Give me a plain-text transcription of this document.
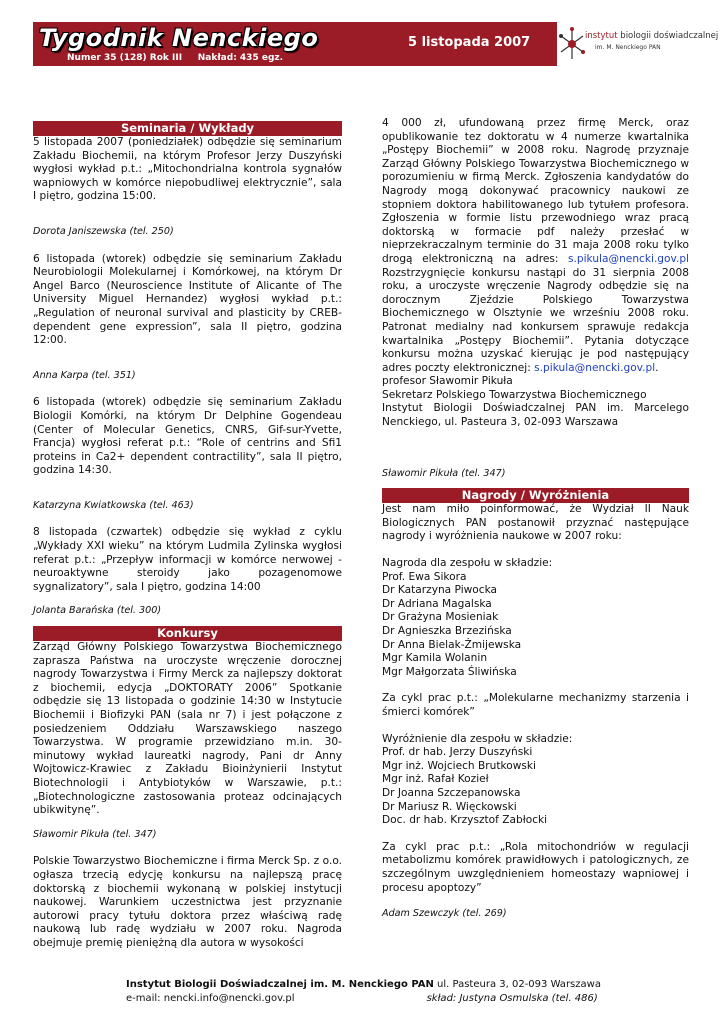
Tygodnik Nenckiego
Numer 35 (128) Rok III     Nakład: 435 egz.
5 listopada 2007	instytut biologii doświadczalnej
im. M. Nenckiego PAN
Seminaria / Wykłady

5 listopada 2007 (poniedziałek) odbędzie się seminarium Zakładu Biochemii, na którym Profesor Jerzy Duszyński wygłosi wykład p.t.: „Mitochondrialna kontrola sygnałów wapniowych w komórce niepobudliwej elektrycznie”, sala I piętro, godzina 15:00.

Dorota Janiszewska (tel. 250)

6 listopada (wtorek) odbędzie się seminarium Zakładu Neurobiologii Molekularnej i Komórkowej, na którym Dr Angel Barco (Neuroscience Institute of Alicante of The University Miguel Hernandez) wygłosi wykład p.t.: „Regulation of neuronal survival and plasticity by CREB-dependent gene expression”, sala II piętro, godzina 12:00.

Anna Karpa (tel. 351)

6 listopada (wtorek) odbędzie się seminarium Zakładu Biologii Komórki, na którym Dr Delphine Gogendeau (Center of Molecular Genetics, CNRS, Gif-sur-Yvette, Francja) wygłosi referat p.t.: “Role of centrins and Sfi1 proteins in Ca2+ dependent contractility”, sala II piętro, godzina 14:30.

Katarzyna Kwiatkowska (tel. 463)

8 listopada (czwartek) odbędzie się wykład z cyklu „Wykłady XXI wieku” na którym Ludmila Zylinska wygłosi referat p.t.: „Przepływ informacji w komórce nerwowej - neuroaktywne steroidy jako pozagenomowe sygnalizatory”, sala I piętro, godzina 14:00

Jolanta Barańska (tel. 300)

Konkursy

Zarząd Główny Polskiego Towarzystwa Biochemicznego zaprasza Państwa na uroczyste wręczenie dorocznej nagrody Towarzystwa i Firmy Merck za najlepszy doktorat z biochemii, edycja „DOKTORATY 2006” Spotkanie odbędzie się 13 listopada o godzinie 14:30 w Instytucie Biochemii i Biofizyki PAN (sala nr 7) i jest połączone z posiedzeniem Oddziału Warszawskiego naszego Towarzystwa. W programie przewidziano m.in. 30-minutowy wykład laureatki nagrody, Pani dr Anny Wojtowicz-Krawiec z Zakładu Bioinżynierii Instytut Biotechnologii i Antybiotyków w Warszawie, p.t.: „Biotechnologiczne zastosowania proteaz odcinających ubikwitynę”.

Sławomir Pikuła (tel. 347)

Polskie Towarzystwo Biochemiczne i firma Merck Sp. z o.o. ogłasza trzecią edycję konkursu na najlepszą pracę doktorską z biochemii wykonaną w polskiej instytucji naukowej. Warunkiem uczestnictwa jest przyznanie autorowi pracy tytułu doktora przez właściwą radę naukową lub radę wydziału w 2007 roku. Nagroda obejmuje premię pieniężną dla autora w wysokości

4 000 zł, ufundowaną przez firmę Merck, oraz opublikowanie tez doktoratu w 4 numerze kwartalnika „Postępy Biochemii” w 2008 roku. Nagrodę przyznaje Zarząd Główny Polskiego Towarzystwa Biochemicznego w porozumieniu w firmą Merck. Zgłoszenia kandydatów do Nagrody mogą dokonywać pracownicy naukowi ze stopniem doktora habilitowanego lub tytułem profesora. Zgłoszenia w formie listu przewodniego wraz pracą doktorską w formacie pdf należy przesłać w nieprzekraczalnym terminie do 31 maja 2008 roku tylko drogą elektroniczną na adres: s.pikula@nencki.gov.pl Rozstrzygnięcie konkursu nastąpi do 31 sierpnia 2008 roku, a uroczyste wręczenie Nagrody odbędzie się na dorocznym Zjeździe Polskiego Towarzystwa Biochemicznego w Olsztynie we wrześniu 2008 roku. Patronat medialny nad konkursem sprawuje redakcja kwartalnika „Postępy Biochemii”. Pytania dotyczące konkursu można uzyskać kierując je pod następujący adres poczty elektronicznej: s.pikula@nencki.gov.pl.

profesor Sławomir Pikuła
Sekretarz Polskiego Towarzystwa Biochemicznego

Instytut Biologii Doświadczalnej PAN im. Marcelego Nenckiego, ul. Pasteura 3, 02-093 Warszawa

Sławomir Pikuła (tel. 347)

Nagrody / Wyróżnienia

Jest nam miło poinformować, że Wydział II Nauk Biologicznych PAN postanowił przyznać następujące nagrody i wyróżnienia naukowe w 2007 roku:

Nagroda dla zespołu w składzie:
Prof. Ewa Sikora
Dr Katarzyna Piwocka
Dr Adriana Magalska
Dr Grażyna Mosieniak
Dr Agnieszka Brzezińska
Dr Anna Bielak-Żmijewska
Mgr Kamila Wolanin
Mgr Małgorzata Śliwińska

Za cykl prac p.t.: „Molekularne mechanizmy starzenia i śmierci komórek”

Wyróżnienie dla zespołu w składzie:
Prof. dr hab. Jerzy Duszyński
Mgr inż. Wojciech Brutkowski
Mgr inż. Rafał Kozieł
Dr Joanna Szczepanowska
Dr Mariusz R. Więckowski
Doc. dr hab. Krzysztof Zabłocki

Za cykl prac p.t.: „Rola mitochondriów w regulacji metabolizmu komórek prawidłowych i patologicznych, ze szczególnym uwzględnieniem homeostazy wapniowej i procesu apoptozy”

Adam Szewczyk (tel. 269)

Instytut Biologii Doświadczalnej im. M. Nenckiego PAN ul. Pasteura 3, 02-093 Warszawa
e-mail: nencki.info@nencki.gov.pl	skład: Justyna Osmulska (tel. 486)
